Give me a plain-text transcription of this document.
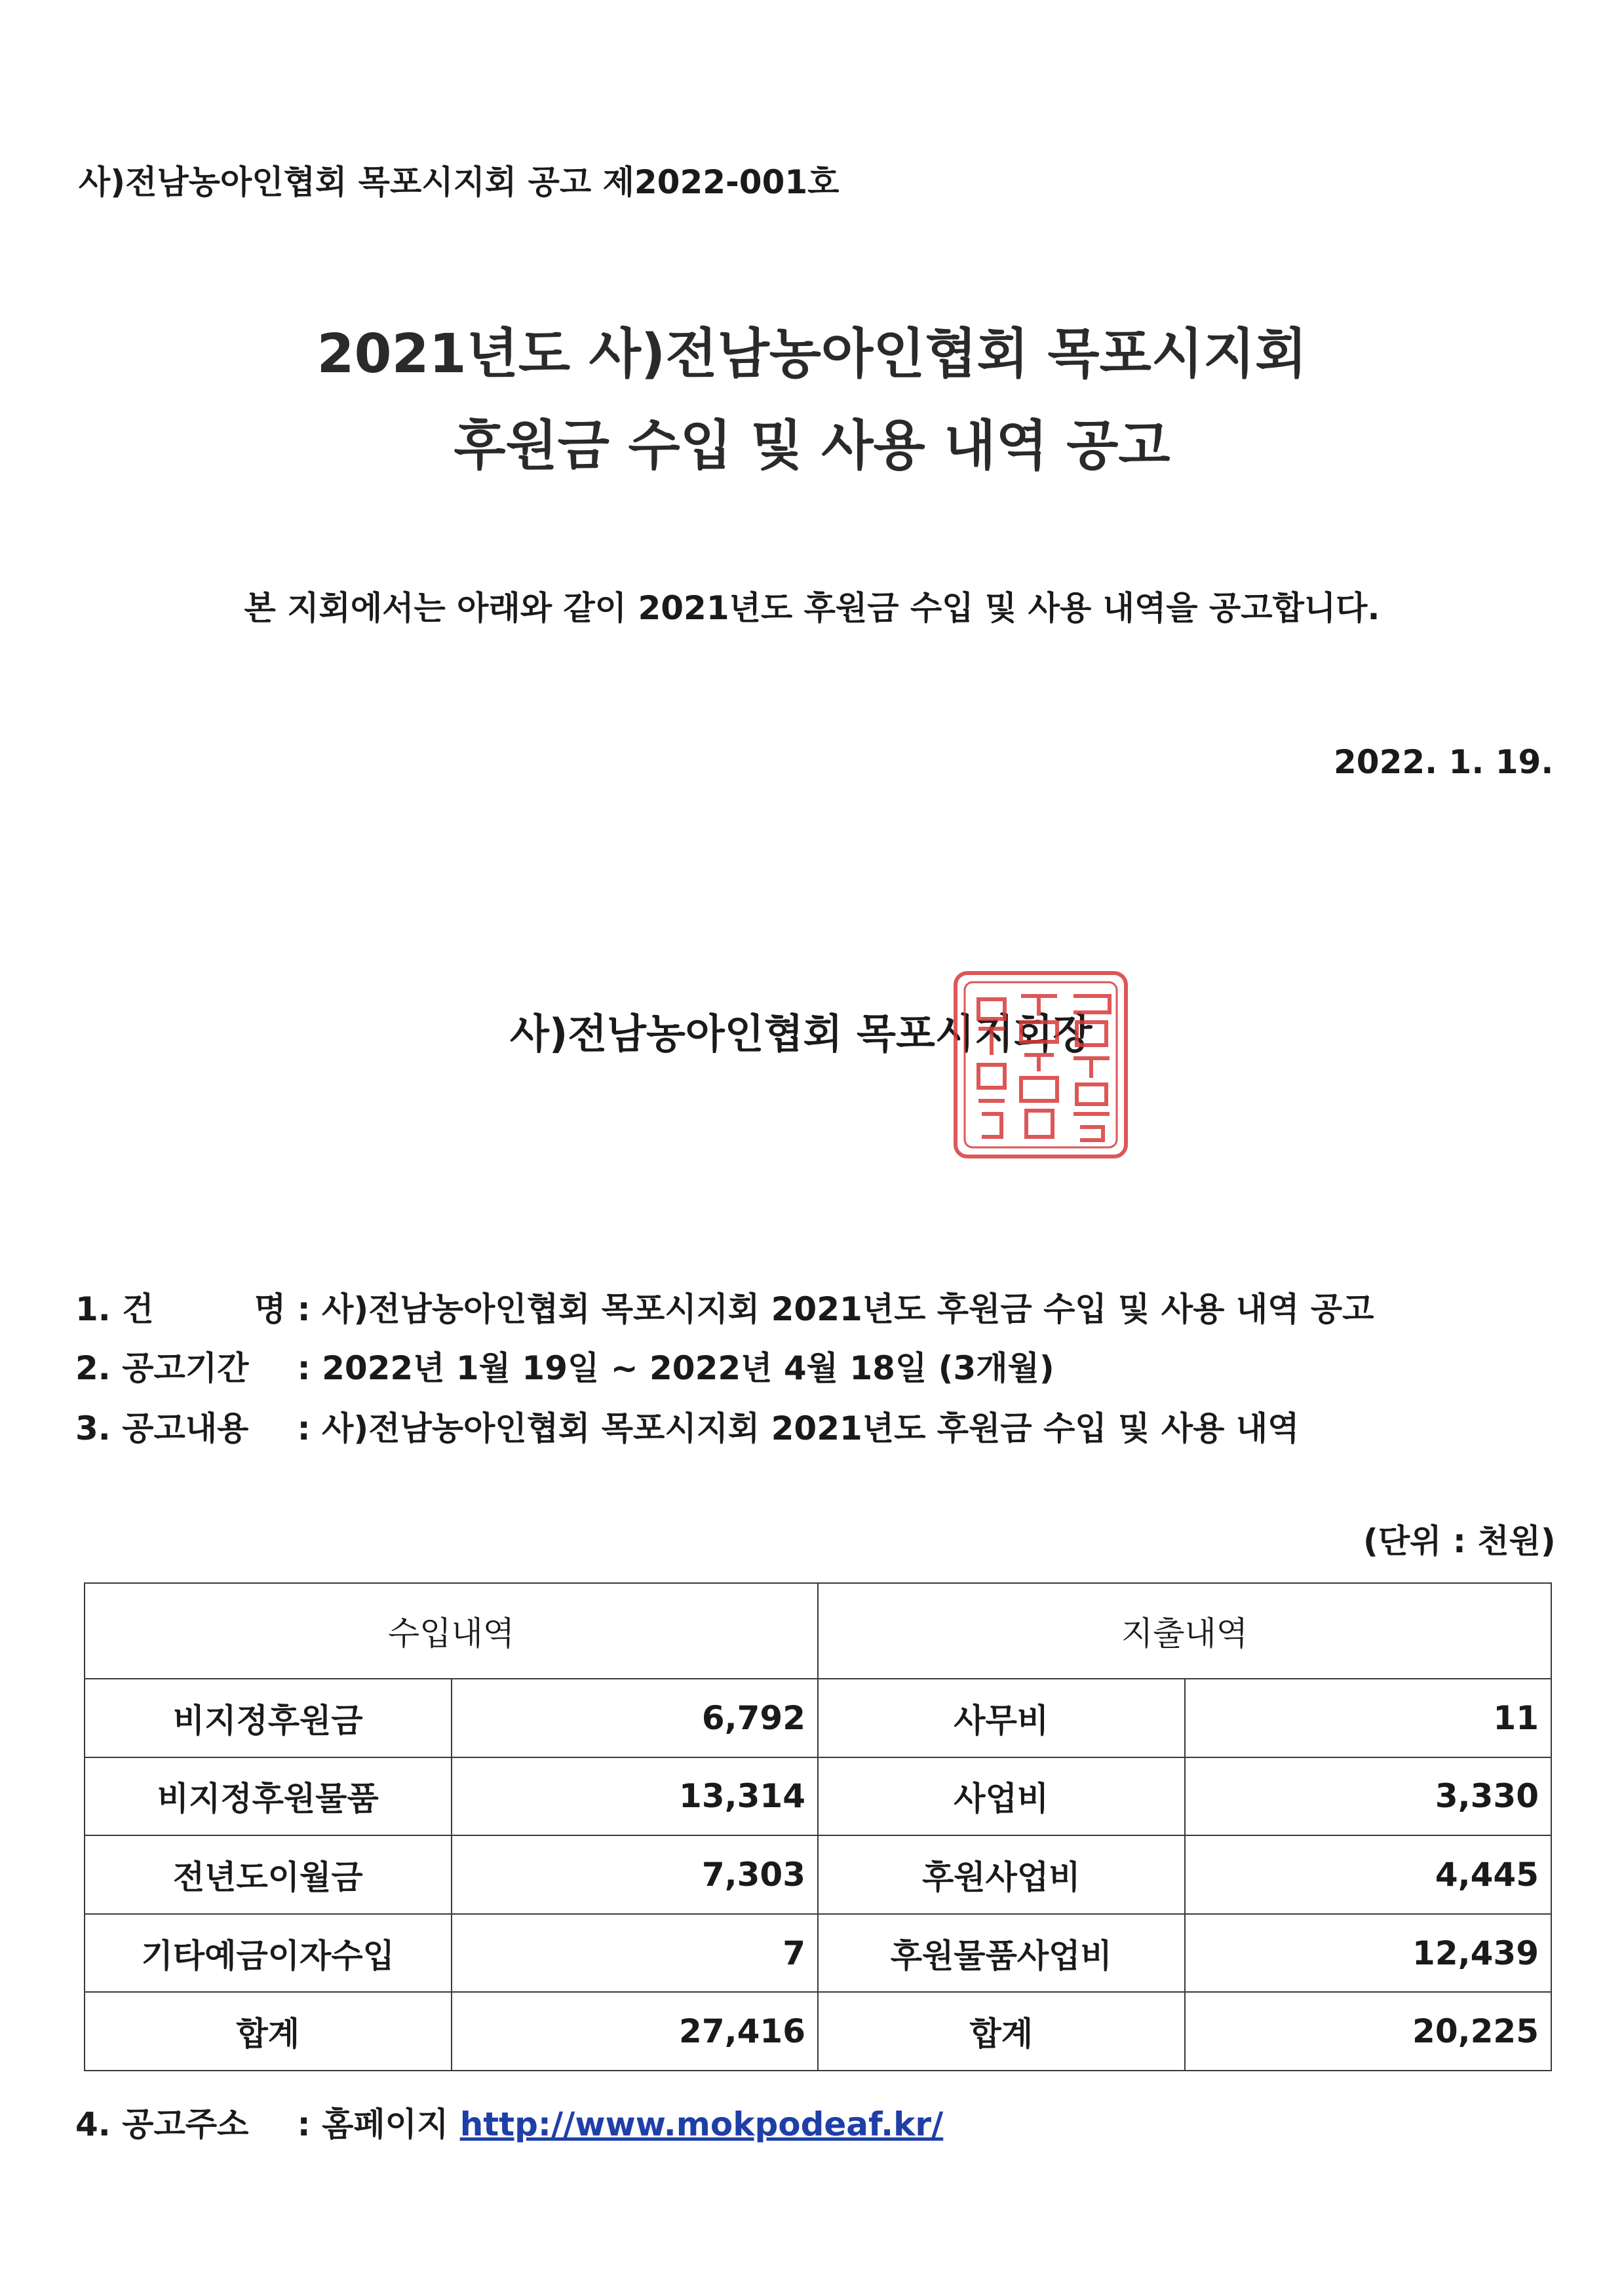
사)전남농아인협회 목포시지회 공고 제2022-001호
2021년도 사)전남농아인협회 목포시지회
후원금 수입 및 사용 내역 공고
본 지회에서는 아래와 같이 2021년도 후원금 수입 및 사용 내역을 공고합니다.
2022. 1. 19.
사)전남농아인협회 목포시지회장
1. 건 명 : 사)전남농아인협회 목포시지회 2021년도 후원금 수입 및 사용 내역 공고
2. 공고기간 : 2022년 1월 19일 ~ 2022년 4월 18일 (3개월)
3. 공고내용 : 사)전남농아인협회 목포시지회 2021년도 후원금 수입 및 사용 내역
(단위 : 천원)
수입내역		지출내역	
비지정후원금	6,792	사무비	11
비지정후원물품	13,314	사업비	3,330
전년도이월금	7,303	후원사업비	4,445
기타예금이자수입	7	후원물품사업비	12,439
합계	27,416	합계	20,225
4. 공고주소 : 홈페이지 http://www.mokpodeaf.kr/
